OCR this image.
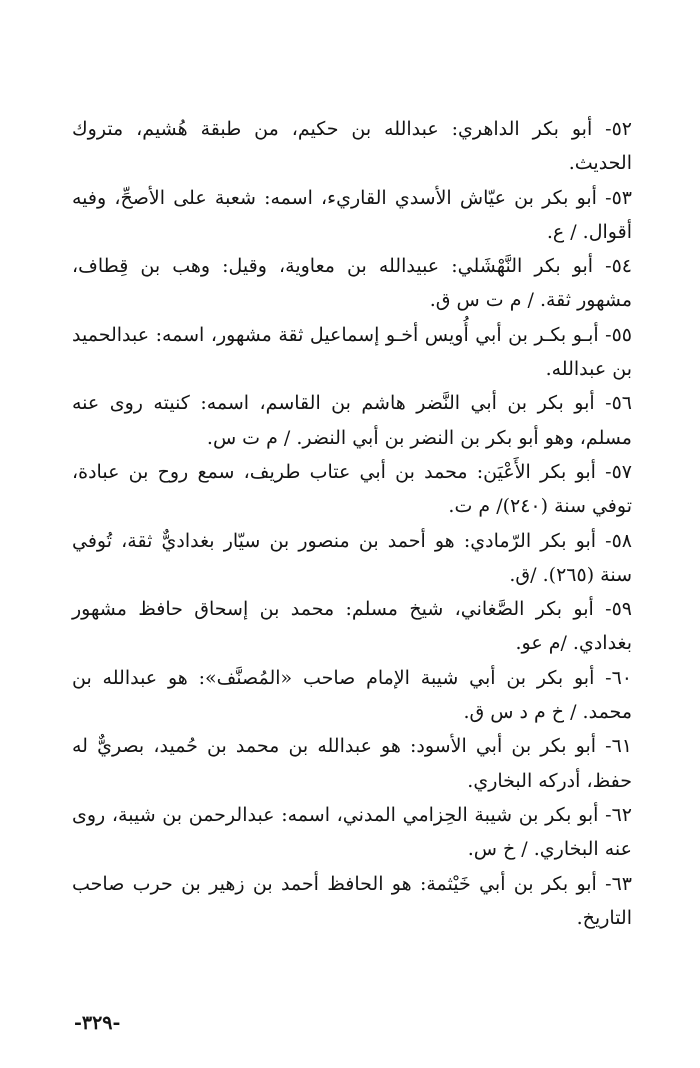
٥٢- أبو بكر الداهري: عبدالله بن حكيم، من طبقة هُشيم، متروك الحديث.

٥٣- أبو بكر بن عيّاش الأسدي القاريء، اسمه: شعبة على الأصحِّ، وفيه أقوال. / ع.

٥٤- أبو بكر النَّهْشَلي: عبيدالله بن معاوية، وقيل: وهب بن قِطاف، مشهور ثقة. / م ت س ق.

٥٥- أبـو بكـر بن أبي أُويس أخـو إسماعيل ثقة مشهور، اسمه: عبدالحميد بن عبدالله.

٥٦- أبو بكر بن أبي النَّضر هاشم بن القاسم، اسمه: كنيته روى عنه مسلم، وهو أبو بكر بن النضر بن أبي النضر. / م ت س.

٥٧- أبو بكر الأَعْيَن: محمد بن أبي عتاب طريف، سمع روح بن عبادة، توفي سنة (٢٤٠)/ م ت.

٥٨- أبو بكر الرّمادي: هو أحمد بن منصور بن سيّار بغداديٌّ ثقة، تُوفي سنة (٢٦٥). /ق.

٥٩- أبو بكر الصَّغاني، شيخ مسلم: محمد بن إسحاق حافظ مشهور بغدادي. /م عو.

٦٠- أبو بكر بن أبي شيبة الإمام صاحب «المُصنَّف»: هو عبدالله بن محمد. / خ م د س ق.

٦١- أبو بكر بن أبي الأسود: هو عبدالله بن محمد بن حُميد، بصريٌّ له حفظ، أدركه البخاري.

٦٢- أبو بكر بن شيبة الحِزامي المدني، اسمه: عبدالرحمن بن شيبة، روى عنه البخاري. / خ س.

٦٣- أبو بكر بن أبي خَيْثمة: هو الحافظ أحمد بن زهير بن حرب صاحب التاريخ.

-٣٢٩-
